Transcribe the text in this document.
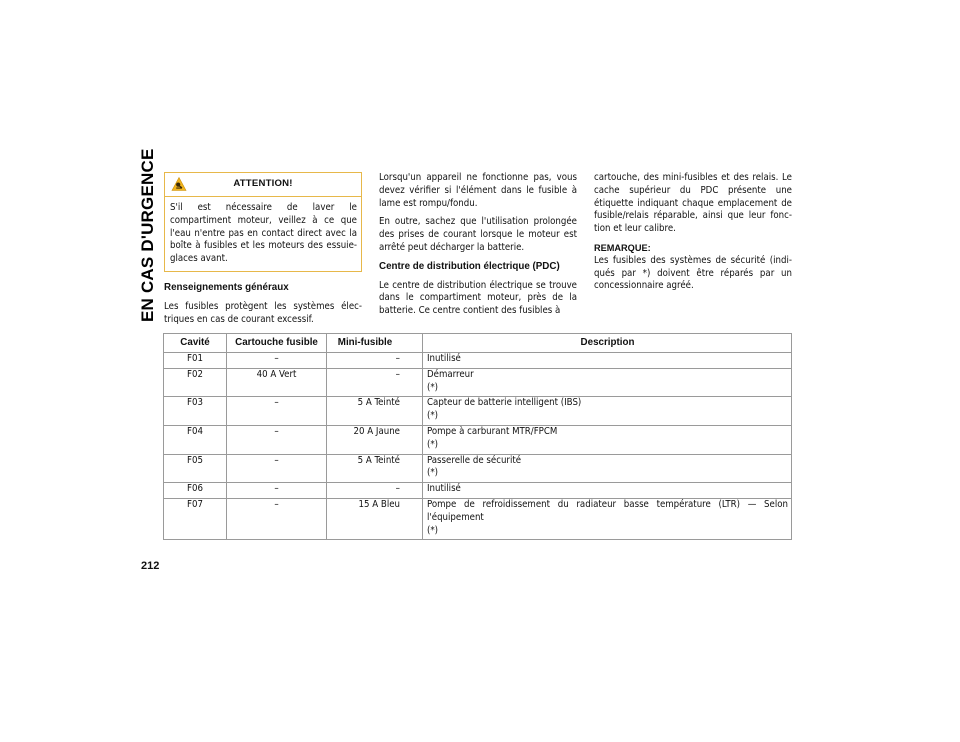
EN CAS D'URGENCE	ATTENTION!
S'il est nécessaire de laver le compartiment moteur, veillez à ce que l'eau n'entre pas en contact direct avec la boîte à fusibles et les moteurs des essuie-glaces avant.
Renseignements généraux

Les fusibles protègent les systèmes élec- triques en cas de courant excessif.

Lorsqu'un appareil ne fonctionne pas, vous devez vérifier si l'élément dans le fusible à lame est rompu/fondu.

En outre, sachez que l'utilisation prolongée des prises de courant lorsque le moteur est arrêté peut décharger la batterie.

Centre de distribution électrique (PDC)

Le centre de distribution électrique se trouve dans le compartiment moteur, près de la batterie. Ce centre contient des fusibles à

cartouche, des mini-fusibles et des relais. Le cache supérieur du PDC présente une étiquette indiquant chaque emplacement de fusible/relais réparable, ainsi que leur fonc- tion et leur calibre.

REMARQUE:

Les fusibles des systèmes de sécurité (indi- qués par *) doivent être réparés par un concessionnaire agréé.

Cavité	Cartouche fusible	Mini-fusible	Description
F01	–	–	Inutilisé

F02	40 A Vert	–	Démarreur
(*)

F03	–	5 A Teinté	Capteur de batterie intelligent (IBS)
(*)

F04	–	20 A Jaune	Pompe à carburant MTR/FPCM
(*)

F05	–	5 A Teinté	Passerelle de sécurité
(*)

F06	–	–	Inutilisé

F07	–	15 A Bleu	Pompe de refroidissement du radiateur basse température (LTR) — Selon l'équipement
(*)
212
